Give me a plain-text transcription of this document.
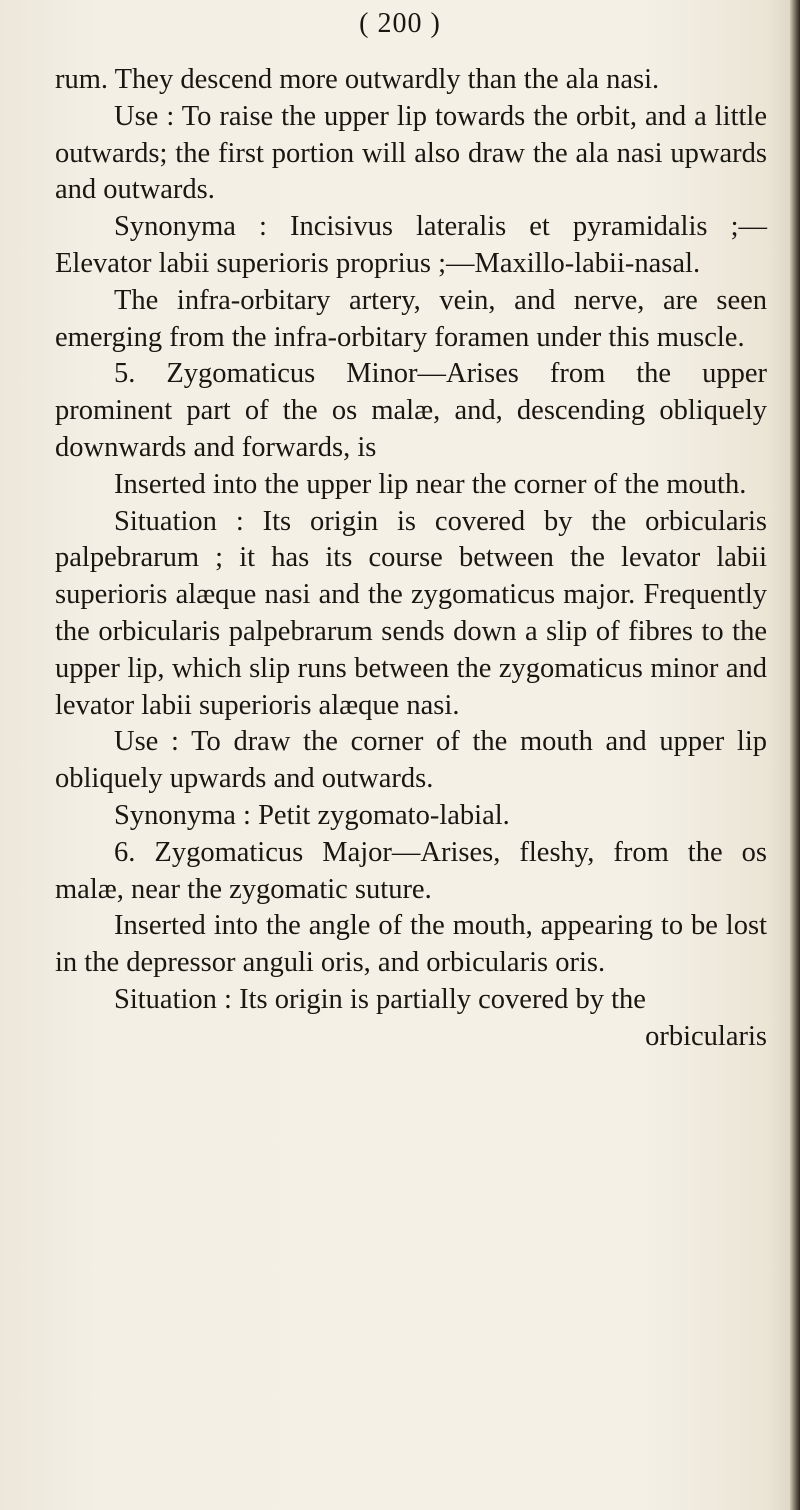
( 200 )

rum. They descend more outwardly than the ala nasi.

Use : To raise the upper lip towards the orbit, and a little outwards; the first portion will also draw the ala nasi upwards and outwards.

Synonyma : Incisivus lateralis et pyramidalis ;—Elevator labii superioris proprius ;—Maxillo-labii-nasal.

The infra-orbitary artery, vein, and nerve, are seen emerging from the infra-orbitary foramen under this muscle.

5. Zygomaticus Minor—Arises from the upper prominent part of the os malæ, and, descending obliquely downwards and forwards, is

Inserted into the upper lip near the corner of the mouth.

Situation : Its origin is covered by the orbicularis palpebrarum ; it has its course between the levator labii superioris alæque nasi and the zygomaticus major. Frequently the orbicularis palpebrarum sends down a slip of fibres to the upper lip, which slip runs between the zygomaticus minor and levator labii superioris alæque nasi.

Use : To draw the corner of the mouth and upper lip obliquely upwards and outwards.

Synonyma : Petit zygomato-labial.

6. Zygomaticus Major—Arises, fleshy, from the os malæ, near the zygomatic suture.

Inserted into the angle of the mouth, appearing to be lost in the depressor anguli oris, and orbicularis oris.

Situation : Its origin is partially covered by the

orbicularis
